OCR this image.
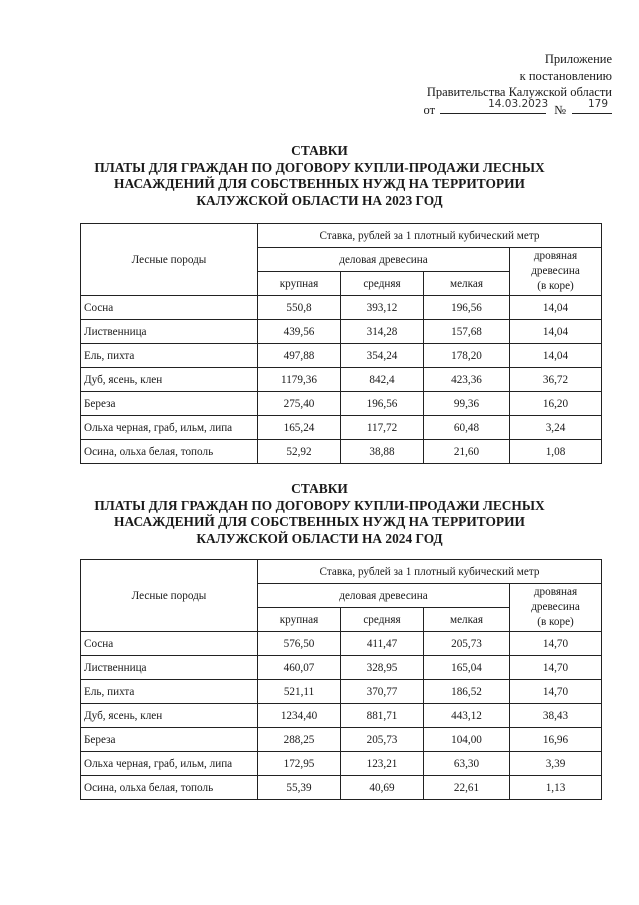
Приложение
к постановлению
Правительства Калужской области
от	14.03.2023 № 179
СТАВКИ
ПЛАТЫ ДЛЯ ГРАЖДАН ПО ДОГОВОРУ КУПЛИ-ПРОДАЖИ ЛЕСНЫХ
НАСАЖДЕНИЙ ДЛЯ СОБСТВЕННЫХ НУЖД НА ТЕРРИТОРИИ
КАЛУЖСКОЙ ОБЛАСТИ НА 2023 ГОД
Лесные породы	Ставка, рублей за 1 плотный кубический метр			
	деловая древесина			дровяная древесина
(в коре)

	крупная	средняя	мелкая	
Сосна	550,8	393,12	196,56	14,04
Лиственница	439,56	314,28	157,68	14,04
Ель, пихта	497,88	354,24	178,20	14,04
Дуб, ясень, клен	1179,36	842,4	423,36	36,72
Береза	275,40	196,56	99,36	16,20
Ольха черная, граб, ильм, липа	165,24	117,72	60,48	3,24
Осина, ольха белая, тополь	52,92	38,88	21,60	1,08
СТАВКИ
ПЛАТЫ ДЛЯ ГРАЖДАН ПО ДОГОВОРУ КУПЛИ-ПРОДАЖИ ЛЕСНЫХ
НАСАЖДЕНИЙ ДЛЯ СОБСТВЕННЫХ НУЖД НА ТЕРРИТОРИИ
КАЛУЖСКОЙ ОБЛАСТИ НА 2024 ГОД
Лесные породы	Ставка, рублей за 1 плотный кубический метр			
	деловая древесина			дровяная древесина
(в коре)

	крупная	средняя	мелкая	
Сосна	576,50	411,47	205,73	14,70
Лиственница	460,07	328,95	165,04	14,70
Ель, пихта	521,11	370,77	186,52	14,70
Дуб, ясень, клен	1234,40	881,71	443,12	38,43
Береза	288,25	205,73	104,00	16,96
Ольха черная, граб, ильм, липа	172,95	123,21	63,30	3,39
Осина, ольха белая, тополь	55,39	40,69	22,61	1,13
